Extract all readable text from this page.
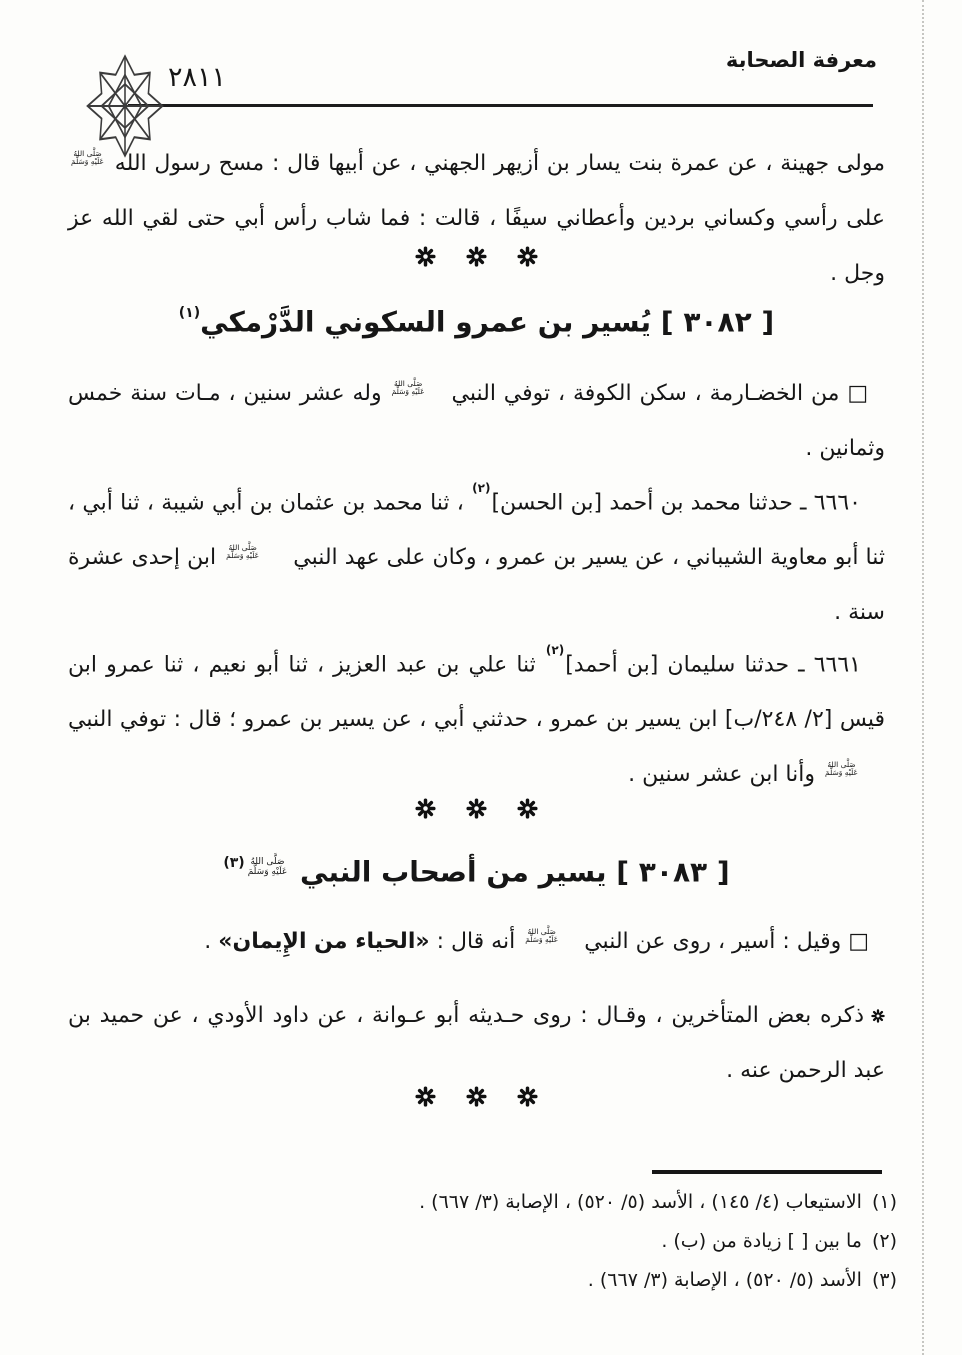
معرفة الصحابة
٢٨١١

مولى جهينة ، عن عمرة بنت يسار بن أزيهر الجهني ، عن أبيها قال : مسح رسول الله
صَلَّى اللهُ
عَلَيْهِ وَسَلَّمَ
على رأسي وكساني بردين وأعطاني سيفًا ، قالت : فما شاب رأس أبي حتى لقي الله عز وجل .

[ ٣٠٨٢ ] يُسير بن عمرو السكوني الدَّرْمكي$^{(١)}$

□ من الخضـارمة ، سكن الكوفة ، توفي النبي
صَلَّى اللهُ
عَلَيْهِ وَسَلَّمَ
وله عشر سنين ، مـات سنة خمس وثمانين .

٦٦٦٠ ـ حدثنا محمد بن أحمد [بن الحسن]$^{(٢)}$ ، ثنا محمد بن عثمان بن أبي شيبة ، ثنا أبي ، ثنا أبو معاوية الشيباني ، عن يسير بن عمرو ، وكان على عهد النبي
صَلَّى اللهُ
عَلَيْهِ وَسَلَّمَ
ابن إحدى عشرة سنة .

٦٦٦١ ـ حدثنا سليمان [بن أحمد]$^{(٢)}$ ثنا علي بن عبد العزيز ، ثنا أبو نعيم ، ثنا عمرو ابن قيس [٢/ ٢٤٨/ب] ابن يسير بن عمرو ، حدثني أبي ، عن يسير بن عمرو ؛ قال : توفي النبي
صَلَّى اللهُ
عَلَيْهِ وَسَلَّمَ
وأنا ابن عشر سنين .

[ ٣٠٨٣ ] يسير من أصحاب النبي
صَلَّى اللهُ
عَلَيْهِ وَسَلَّمَ
$^{(٣)}$

□ وقيل : أسير ، روى عن النبي
صَلَّى اللهُ
عَلَيْهِ وَسَلَّمَ
أنه قال : «الحياء من الإِيمان» .

ذكره بعض المتأخرين ، وقـال : روى حـديثه أبو عـوانة ، عن داود الأودي ، عن حميد بن عبد الرحمن عنه .

(١)الاستيعاب (٤/ ١٤٥) ، الأسد (٥/ ٥٢٠) ، الإصابة (٣/ ٦٦٧) .
(٢)ما بين [ ] زيادة من (ب) .
(٣)الأسد (٥/ ٥٢٠) ، الإصابة (٣/ ٦٦٧) .
